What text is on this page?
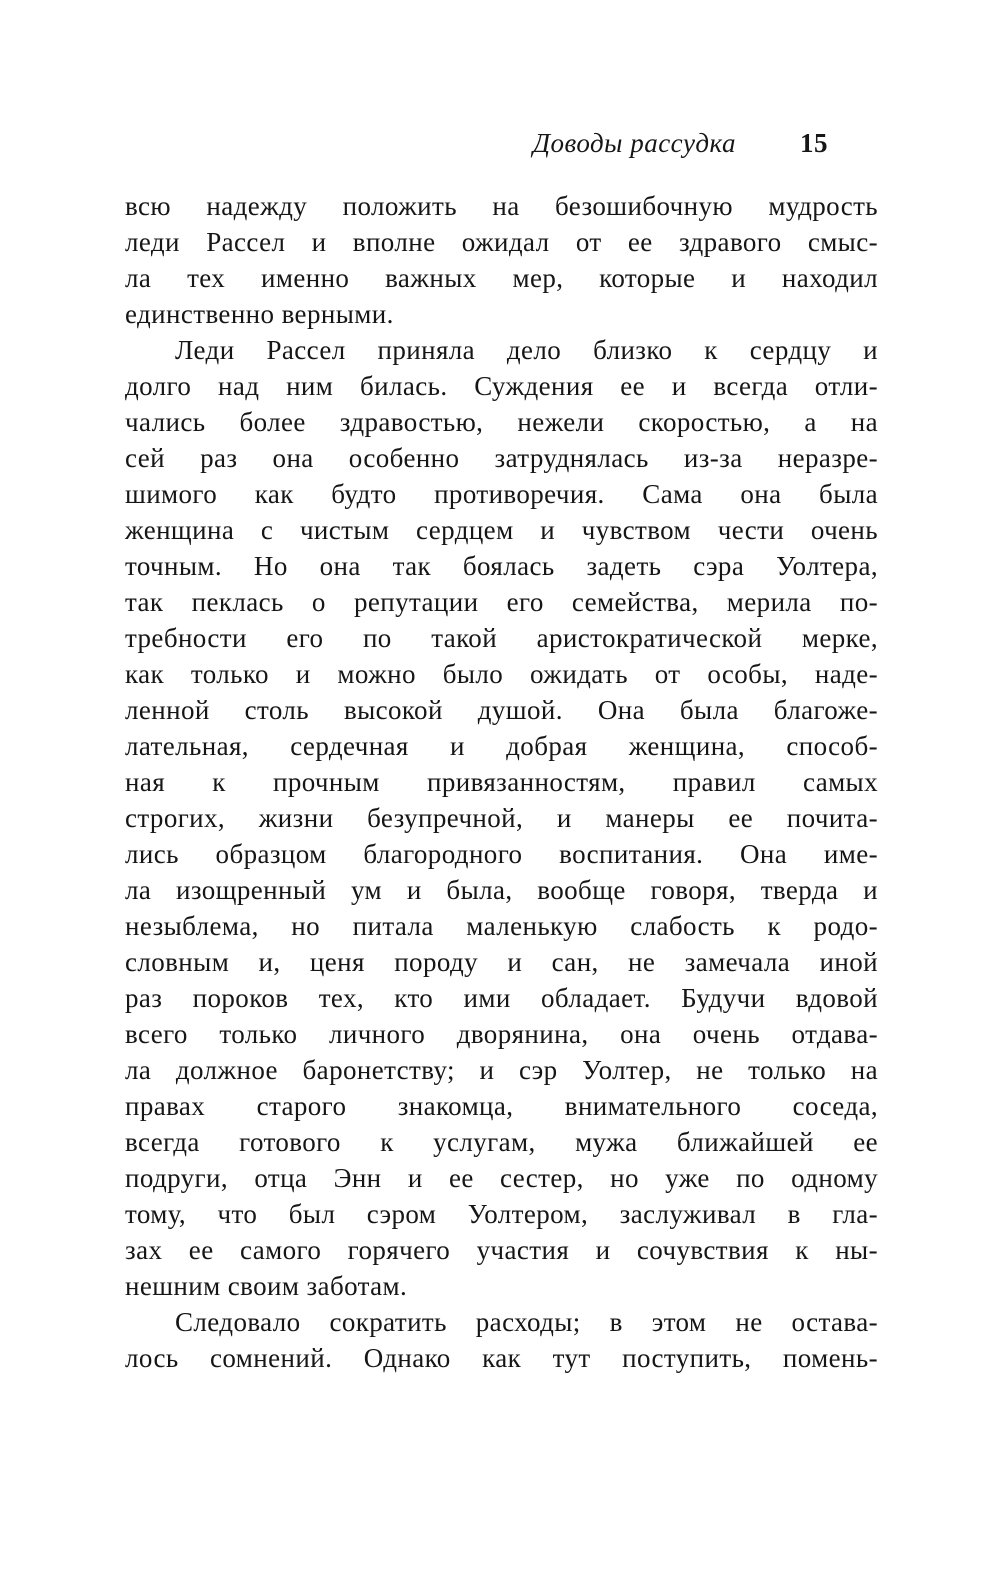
Доводы рассудка 15
всю надежду положить на безошибочную мудрость
леди Рассел и вполне ожидал от ее здравого смыс-
ла тех именно важных мер, которые и находил
единственно верными.
Леди Рассел приняла дело близко к сердцу и
долго над ним билась. Суждения ее и всегда отли-
чались более здравостью, нежели скоростью, а на
сей раз она особенно затруднялась из-за неразре-
шимого как будто противоречия. Сама она была
женщина с чистым сердцем и чувством чести очень
точным. Но она так боялась задеть сэра Уолтера,
так пеклась о репутации его семейства, мерила по-
требности его по такой аристократической мерке,
как только и можно было ожидать от особы, наде-
ленной столь высокой душой. Она была благоже-
лательная, сердечная и добрая женщина, способ-
ная к прочным привязанностям, правил самых
строгих, жизни безупречной, и манеры ее почита-
лись образцом благородного воспитания. Она име-
ла изощренный ум и была, вообще говоря, тверда и
незыблема, но питала маленькую слабость к родо-
словным и, ценя породу и сан, не замечала иной
раз пороков тех, кто ими обладает. Будучи вдовой
всего только личного дворянина, она очень отдава-
ла должное баронетству; и сэр Уолтер, не только на
правах старого знакомца, внимательного соседа,
всегда готового к услугам, мужа ближайшей ее
подруги, отца Энн и ее сестер, но уже по одному
тому, что был сэром Уолтером, заслуживал в гла-
зах ее самого горячего участия и сочувствия к ны-
нешним своим заботам.
Следовало сократить расходы; в этом не остава-
лось сомнений. Однако как тут поступить, помень-
